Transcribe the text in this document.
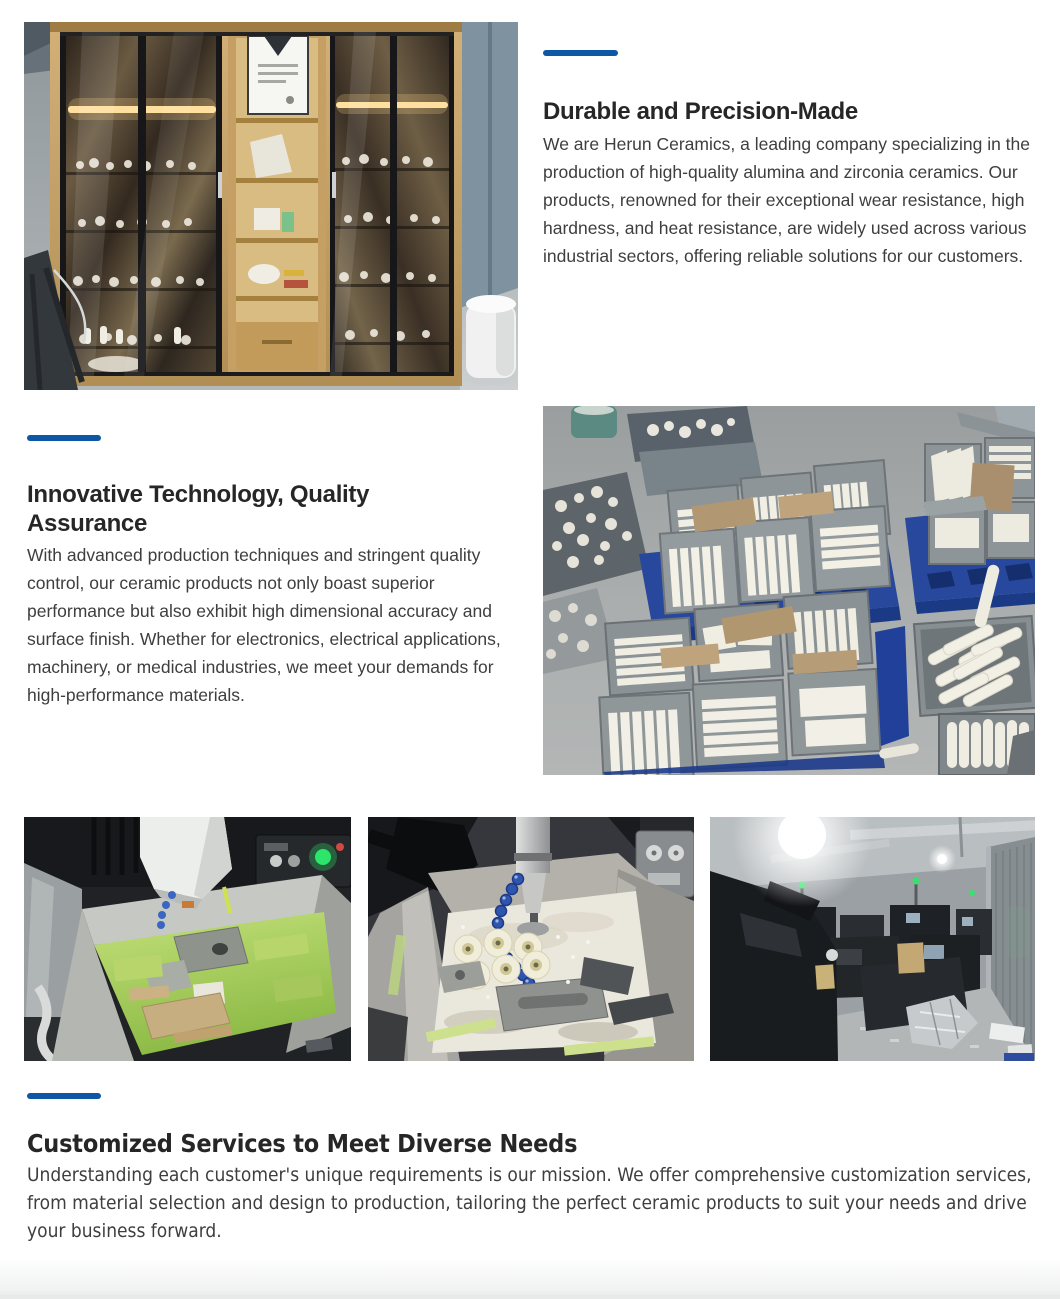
Durable and Precision-Made

We are Herun Ceramics, a leading company specializing in the production of high-quality alumina and zirconia ceramics. Our products, renowned for their exceptional wear resistance, high hardness, and heat resistance, are widely used across various industrial sectors, offering reliable solutions for our customers.

Innovative Technology, Quality Assurance

With advanced production techniques and stringent quality control, our ceramic products not only boast superior performance but also exhibit high dimensional accuracy and surface finish. Whether for electronics, electrical applications, machinery, or medical industries, we meet your demands for high-performance materials.

Customized Services to Meet Diverse Needs

Understanding each customer's unique requirements is our mission. We offer comprehensive customization services, from material selection and design to production, tailoring the perfect ceramic products to suit your needs and drive your business forward.
